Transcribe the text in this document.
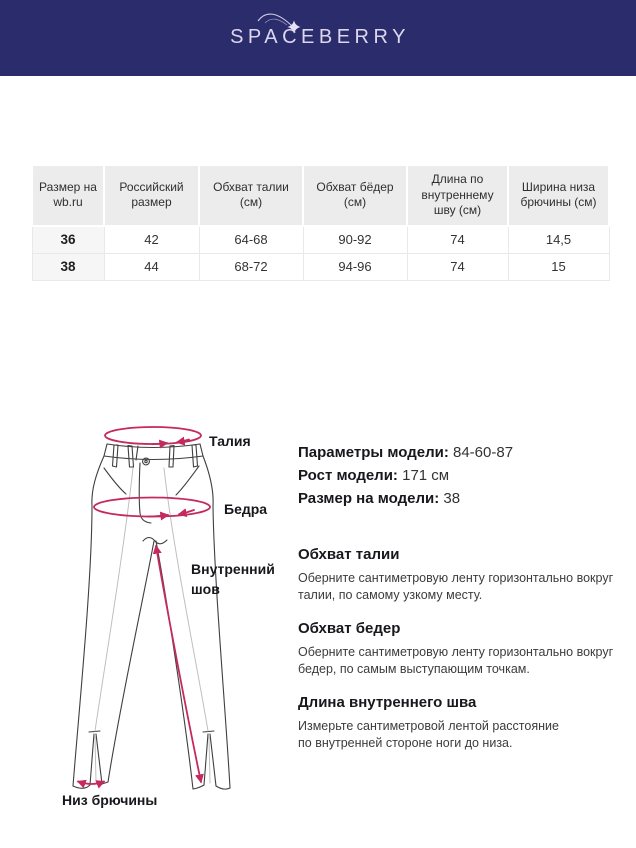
SPACEBERRY
Размер на wb.ru	Российский размер	Обхват талии (см)	Обхват бёдер (см)	Длина по внутреннему шву (см)	Ширина низа брючины (см)
36	42	64-68	90-92	74	14,5
38	44	68-72	94-96	74	15
Талия
Бедра
Внутренний шов
Низ брючины
Параметры модели: 84-60-87
Рост модели: 171 см
Размер на модели: 38
Обхват талии

Оберните сантиметровую ленту горизонтально вокруг талии, по самому узкому месту.

Обхват бедер

Оберните сантиметровую ленту горизонтально вокруг бедер, по самым выступающим точкам.

Длина внутреннего шва

Измерьте сантиметровой лентой расстояние по внутренней стороне ноги до низа.
